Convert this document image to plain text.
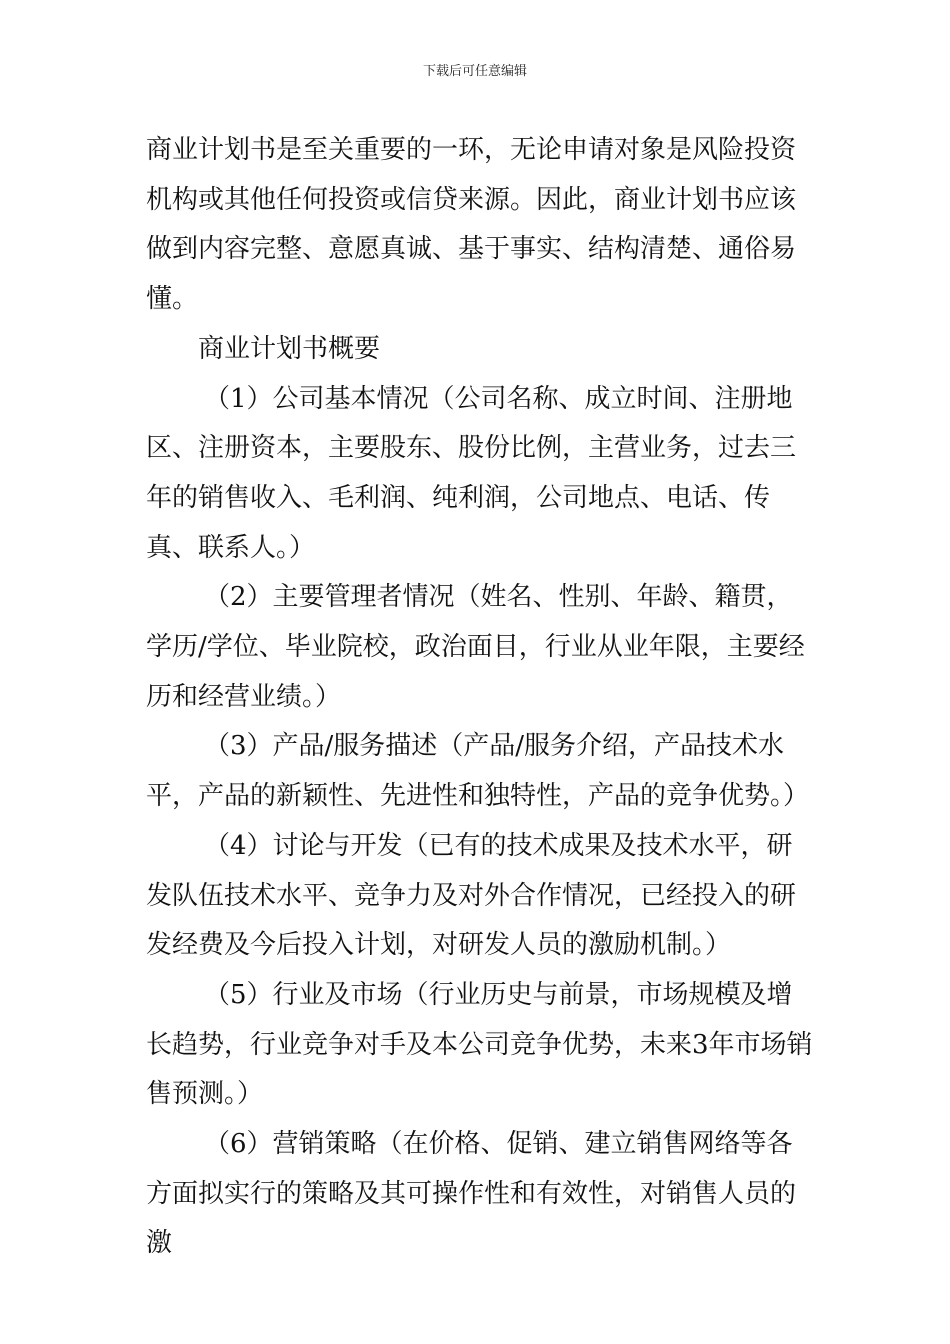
下载后可任意编辑

商业计划书是至关重要的一环，无论申请对象是风险投资机构或其他任何投资或信贷来源。因此，商业计划书应该做到内容完整、意愿真诚、基于事实、结构清楚、通俗易懂。

商业计划书概要

（1）公司基本情况（公司名称、成立时间、注册地区、注册资本，主要股东、股份比例，主营业务，过去三年的销售收入、毛利润、纯利润，公司地点、电话、传真、联系人。）

（2）主要管理者情况（姓名、性别、年龄、籍贯，学历/学位、毕业院校，政治面目，行业从业年限，主要经历和经营业绩。）

（3）产品/服务描述（产品/服务介绍，产品技术水平，产品的新颖性、先进性和独特性，产品的竞争优势。）

（4）讨论与开发（已有的技术成果及技术水平，研发队伍技术水平、竞争力及对外合作情况，已经投入的研发经费及今后投入计划，对研发人员的激励机制。）

（5）行业及市场（行业历史与前景，市场规模及增长趋势，行业竞争对手及本公司竞争优势，未来3年市场销售预测。）

（6）营销策略（在价格、促销、建立销售网络等各方面拟实行的策略及其可操作性和有效性，对销售人员的激
